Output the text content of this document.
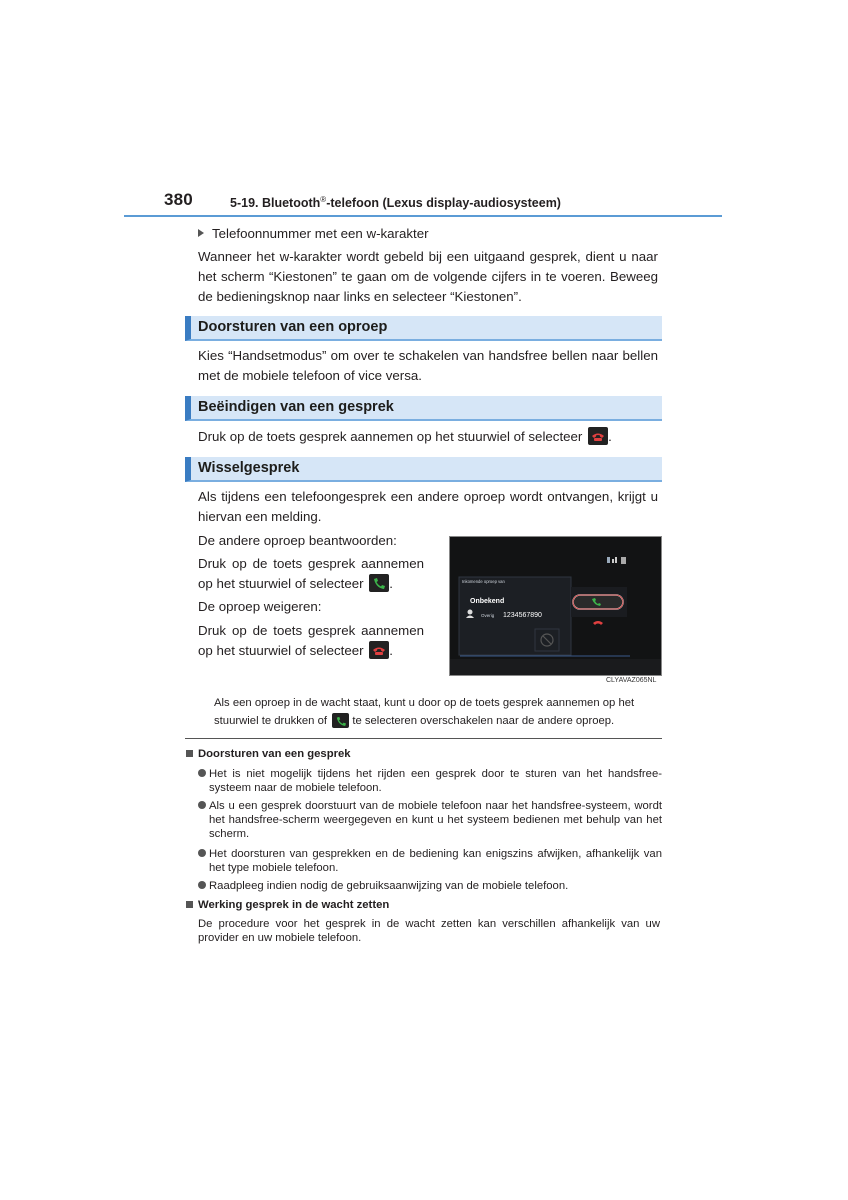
380	5-19. Bluetooth®-telefoon (Lexus display-audiosysteem)
Telefoonnummer met een w-karakter
Wanneer het w-karakter wordt gebeld bij een uitgaand gesprek, dient u naar het scherm “Kiestonen” te gaan om de volgende cijfers in te voeren. Beweeg de bedieningsknop naar links en selecteer “Kiestonen”.
Doorsturen van een oproep
Kies “Handsetmodus” om over te schakelen van handsfree bellen naar bellen met de mobiele telefoon of vice versa.
Beëindigen van een gesprek
Druk op de toets gesprek aannemen op het stuurwiel of selecteer .
Wisselgesprek
Als tijdens een telefoongesprek een andere oproep wordt ontvangen, krijgt u hiervan een melding.
De andere oproep beantwoorden:
Druk op de toets gesprek aannemen op het stuurwiel of selecteer .
De oproep weigeren:
Druk op de toets gesprek aannemen op het stuurwiel of selecteer .
Inkomende oproep van
Onbekend
Overig 1234567890
CLYAVAZ065NL
Als een oproep in de wacht staat, kunt u door op de toets gesprek aannemen op het stuurwiel te drukken of te selecteren overschakelen naar de andere oproep.
Doorsturen van een gesprek
Het is niet mogelijk tijdens het rijden een gesprek door te sturen van het handsfree-systeem naar de mobiele telefoon.
Als u een gesprek doorstuurt van de mobiele telefoon naar het handsfree-systeem, wordt het handsfree-scherm weergegeven en kunt u het systeem bedienen met behulp van het scherm.
Het doorsturen van gesprekken en de bediening kan enigszins afwijken, afhankelijk van het type mobiele telefoon.
Raadpleeg indien nodig de gebruiksaanwijzing van de mobiele telefoon.
Werking gesprek in de wacht zetten
De procedure voor het gesprek in de wacht zetten kan verschillen afhankelijk van uw provider en uw mobiele telefoon.
